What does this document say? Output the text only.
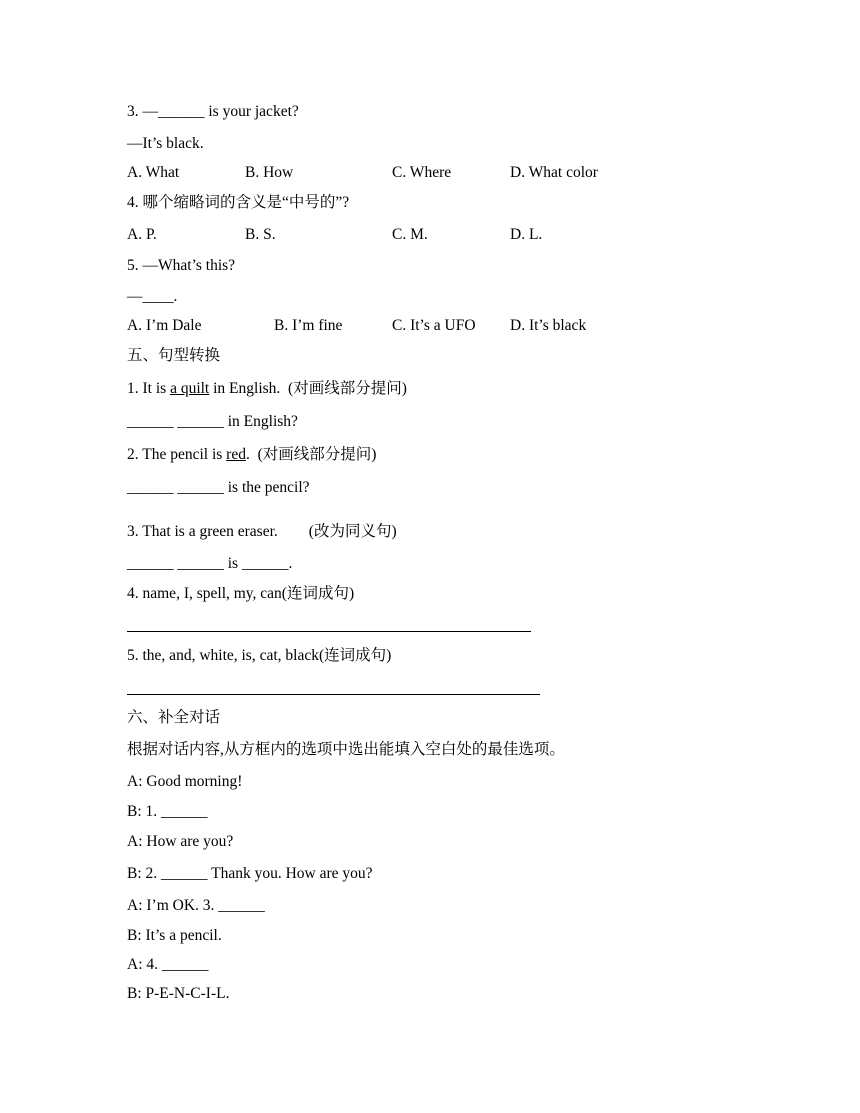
3. —______ is your jacket?
—It’s black.
A. What	B. How	C. Where	D. What color
4. 哪个缩略词的含义是“中号的”?
A. P.	B. S.	C. M.	D. L.
5. —What’s this?
—____.
A. I’m Dale	B. I’m fine	C. It’s a UFO D. It’s black
五、句型转换
1. It is a quilt in English.  (对画线部分提问)
______ ______ in English?
2. The pencil is red.  (对画线部分提问)
______ ______ is the pencil?
3. That is a green eraser.        (改为同义句)
______ ______ is ______.
4. name, I, spell, my, can(连词成句)
5. the, and, white, is, cat, black(连词成句)
六、补全对话
根据对话内容,从方框内的选项中选出能填入空白处的最佳选项。
A: Good morning!
B: 1. ______
A: How are you?
B: 2. ______ Thank you. How are you?
A: I’m OK. 3. ______
B: It’s a pencil.
A: 4. ______
B: P-E-N-C-I-L.
